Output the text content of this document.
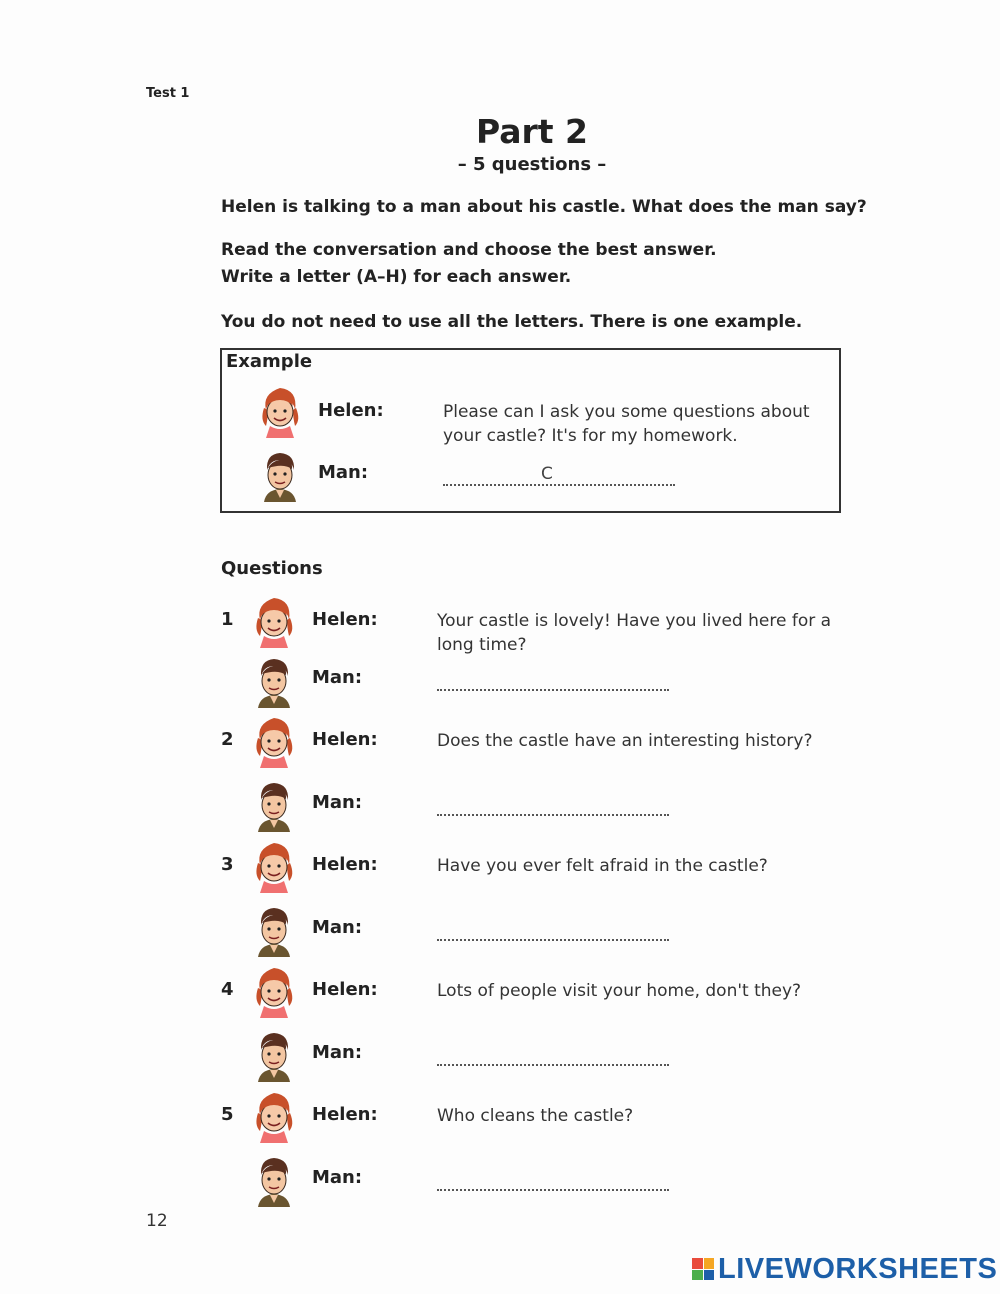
Test 1
Part 2
– 5 questions –
Helen is talking to a man about his castle. What does the man say?
Read the conversation and choose the best answer.
Write a letter (A–H) for each answer.
You do not need to use all the letters. There is one example.
Example
Helen:	Please can I ask you some questions about
your castle? It's for my homework.
Man:	C
Questions
1	Helen:	Your castle is lovely! Have you lived here for a
long time?
Man:
2	Helen:	Does the castle have an interesting history?
Man:
3	Helen:	Have you ever felt afraid in the castle?
Man:
4	Helen:	Lots of people visit your home, don't they?
Man:
5	Helen:	Who cleans the castle?
Man:
12
LIVEWORKSHEETS
